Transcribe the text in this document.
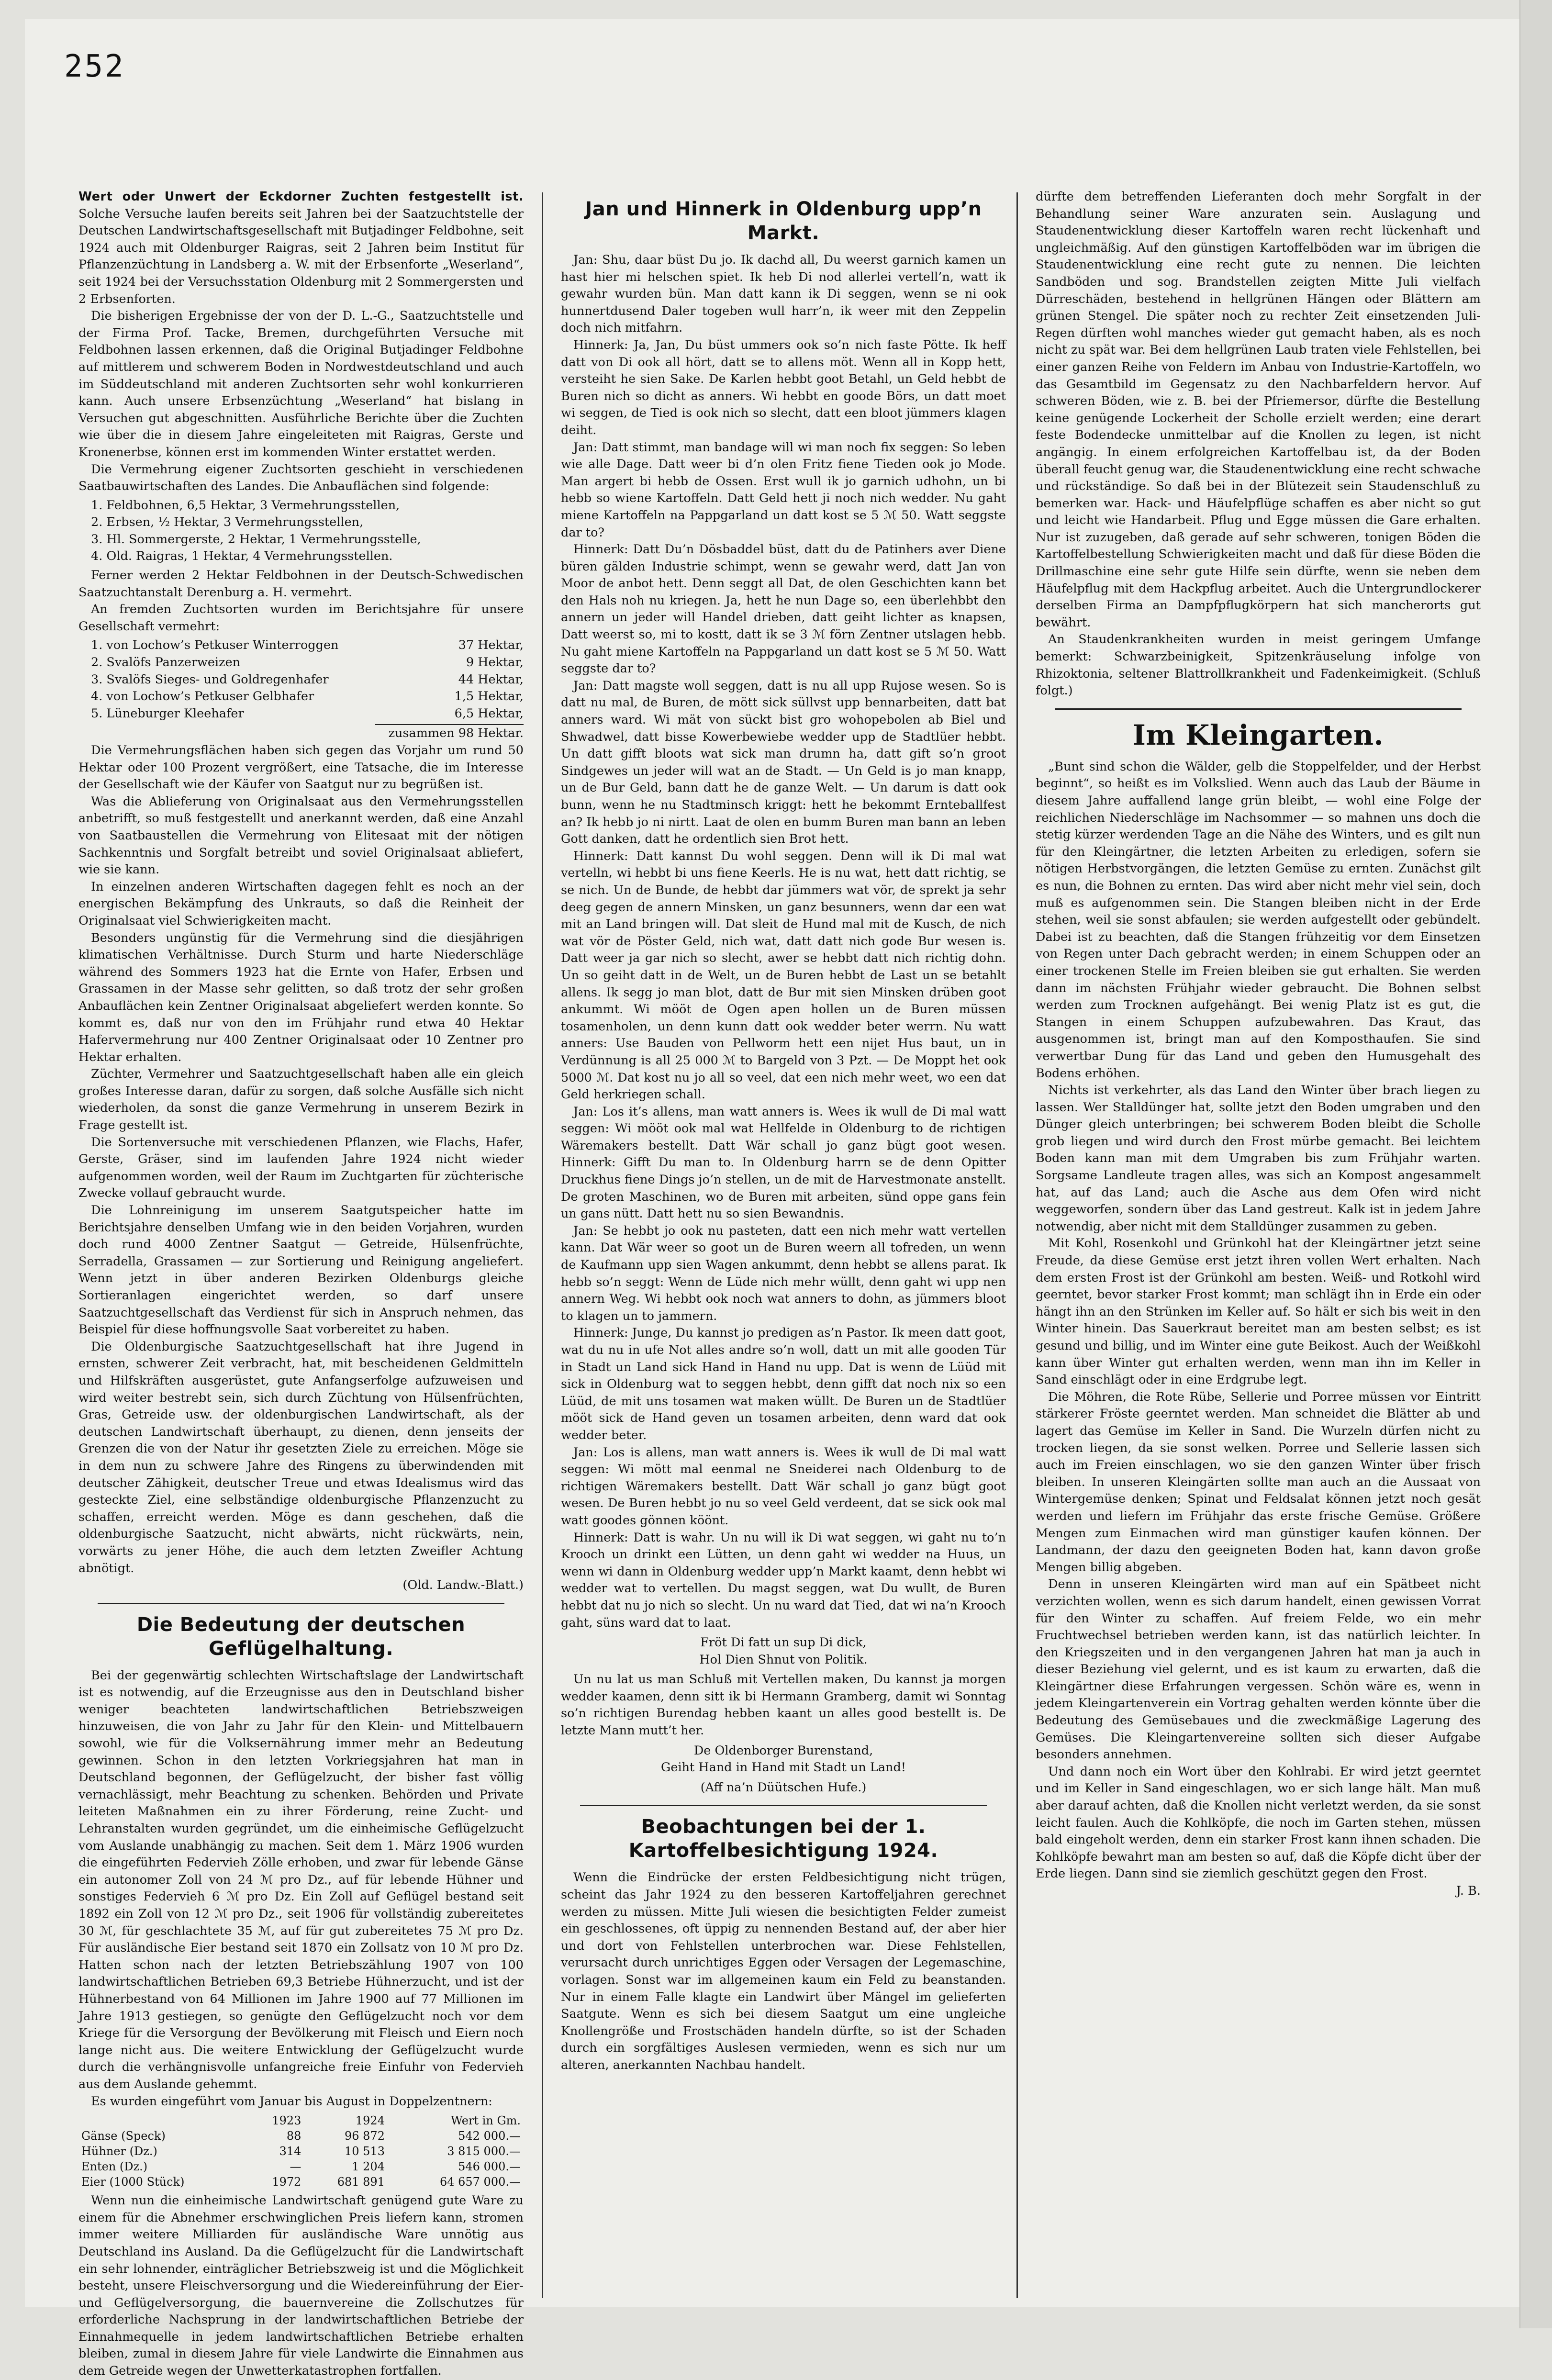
252

Wert oder Unwert der Eckdorner Zuchten festgestellt ist. Solche Versuche laufen bereits seit Jahren bei der Saatzuchtstelle der Deutschen Landwirtschaftsgesellschaft mit Butjadinger Feldbohne, seit 1924 auch mit Oldenburger Raigras, seit 2 Jahren beim Institut für Pflanzenzüchtung in Landsberg a. W. mit der Erbsenforte „Weserland“, seit 1924 bei der Versuchsstation Oldenburg mit 2 Sommergersten und 2 Erbsenforten.

Die bisherigen Ergebnisse der von der D. L.-G., Saatzuchtstelle und der Firma Prof. Tacke, Bremen, durchgeführten Versuche mit Feldbohnen lassen erkennen, daß die Original Butjadinger Feldbohne auf mittlerem und schwerem Boden in Nordwestdeutschland und auch im Süddeutschland mit anderen Zuchtsorten sehr wohl konkurrieren kann. Auch unsere Erbsenzüchtung „Weserland“ hat bislang in Versuchen gut abgeschnitten. Ausführliche Berichte über die Zuchten wie über die in diesem Jahre eingeleiteten mit Raigras, Gerste und Kronenerbse, können erst im kommenden Winter erstattet werden.

Die Vermehrung eigener Zuchtsorten geschieht in verschiedenen Saatbauwirtschaften des Landes. Die Anbauflächen sind folgende:

1. Feldbohnen, 6,5 Hektar, 3 Vermehrungsstellen,
2. Erbsen, ½ Hektar, 3 Vermehrungsstellen,
3. Hl. Sommergerste, 2 Hektar, 1 Vermehrungsstelle,
4. Old. Raigras, 1 Hektar, 4 Vermehrungsstellen.

Ferner werden 2 Hektar Feldbohnen in der Deutsch-Schwedischen Saatzuchtanstalt Derenburg a. H. vermehrt.

An fremden Zuchtsorten wurden im Berichtsjahre für unsere Gesellschaft vermehrt:

1. von Lochow’s Petkuser Winterroggen	37 Hektar,
2. Svalöfs Panzerweizen	9 Hektar,
3. Svalöfs Sieges- und Goldregenhafer	44 Hektar,
4. von Lochow’s Petkuser Gelbhafer	1,5 Hektar,
5. Lüneburger Kleehafer	6,5 Hektar,
zusammen 98 Hektar.

Die Vermehrungsflächen haben sich gegen das Vorjahr um rund 50 Hektar oder 100 Prozent vergrößert, eine Tatsache, die im Interesse der Gesellschaft wie der Käufer von Saatgut nur zu begrüßen ist.

Was die Ablieferung von Originalsaat aus den Vermehrungsstellen anbetrifft, so muß festgestellt und anerkannt werden, daß eine Anzahl von Saatbaustellen die Vermehrung von Elitesaat mit der nötigen Sachkenntnis und Sorgfalt betreibt und soviel Originalsaat abliefert, wie sie kann.

In einzelnen anderen Wirtschaften dagegen fehlt es noch an der energischen Bekämpfung des Unkrauts, so daß die Reinheit der Originalsaat viel Schwierigkeiten macht.

Besonders ungünstig für die Vermehrung sind die diesjährigen klimatischen Verhältnisse. Durch Sturm und harte Niederschläge während des Sommers 1923 hat die Ernte von Hafer, Erbsen und Grassamen in der Masse sehr gelitten, so daß trotz der sehr großen Anbauflächen kein Zentner Originalsaat abgeliefert werden konnte. So kommt es, daß nur von den im Frühjahr rund etwa 40 Hektar Hafervermehrung nur 400 Zentner Originalsaat oder 10 Zentner pro Hektar erhalten.

Züchter, Vermehrer und Saatzuchtgesellschaft haben alle ein gleich großes Interesse daran, dafür zu sorgen, daß solche Ausfälle sich nicht wiederholen, da sonst die ganze Vermehrung in unserem Bezirk in Frage gestellt ist.

Die Sortenversuche mit verschiedenen Pflanzen, wie Flachs, Hafer, Gerste, Gräser, sind im laufenden Jahre 1924 nicht wieder aufgenommen worden, weil der Raum im Zuchtgarten für züchterische Zwecke vollauf gebraucht wurde.

Die Lohnreinigung im unserem Saatgutspeicher hatte im Berichtsjahre denselben Umfang wie in den beiden Vorjahren, wurden doch rund 4000 Zentner Saatgut — Getreide, Hülsenfrüchte, Serradella, Grassamen — zur Sortierung und Reinigung angeliefert. Wenn jetzt in über anderen Bezirken Oldenburgs gleiche Sortieranlagen eingerichtet werden, so darf unsere Saatzuchtgesellschaft das Verdienst für sich in Anspruch nehmen, das Beispiel für diese hoffnungsvolle Saat vorbereitet zu haben.

Die Oldenburgische Saatzuchtgesellschaft hat ihre Jugend in ernsten, schwerer Zeit verbracht, hat, mit bescheidenen Geldmitteln und Hilfskräften ausgerüstet, gute Anfangserfolge aufzuweisen und wird weiter bestrebt sein, sich durch Züchtung von Hülsenfrüchten, Gras, Getreide usw. der oldenburgischen Landwirtschaft, als der deutschen Landwirtschaft überhaupt, zu dienen, denn jenseits der Grenzen die von der Natur ihr gesetzten Ziele zu erreichen. Möge sie in dem nun zu schwere Jahre des Ringens zu überwindenden mit deutscher Zähigkeit, deutscher Treue und etwas Idealismus wird das gesteckte Ziel, eine selbständige oldenburgische Pflanzenzucht zu schaffen, erreicht werden. Möge es dann geschehen, daß die oldenburgische Saatzucht, nicht abwärts, nicht rückwärts, nein, vorwärts zu jener Höhe, die auch dem letzten Zweifler Achtung abnötigt.

(Old. Landw.-Blatt.)
Die Bedeutung der deutschen Geflügelhaltung.

Bei der gegenwärtig schlechten Wirtschaftslage der Landwirtschaft ist es notwendig, auf die Erzeugnisse aus den in Deutschland bisher weniger beachteten landwirtschaftlichen Betriebszweigen hinzuweisen, die von Jahr zu Jahr für den Klein- und Mittelbauern sowohl, wie für die Volksernährung immer mehr an Bedeutung gewinnen. Schon in den letzten Vorkriegsjahren hat man in Deutschland begonnen, der Geflügelzucht, der bisher fast völlig vernachlässigt, mehr Beachtung zu schenken. Behörden und Private leiteten Maßnahmen ein zu ihrer Förderung, reine Zucht- und Lehranstalten wurden gegründet, um die einheimische Geflügelzucht vom Auslande unabhängig zu machen. Seit dem 1. März 1906 wurden die eingeführten Federvieh Zölle erhoben, und zwar für lebende Gänse ein autonomer Zoll von 24 ℳ pro Dz., auf für lebende Hühner und sonstiges Federvieh 6 ℳ pro Dz. Ein Zoll auf Geflügel bestand seit 1892 ein Zoll von 12 ℳ pro Dz., seit 1906 für vollständig zubereitetes 30 ℳ, für geschlachtete 35 ℳ, auf für gut zubereitetes 75 ℳ pro Dz. Für ausländische Eier bestand seit 1870 ein Zollsatz von 10 ℳ pro Dz. Hatten schon nach der letzten Betriebszählung 1907 von 100 landwirtschaftlichen Betrieben 69,3 Betriebe Hühnerzucht, und ist der Hühnerbestand von 64 Millionen im Jahre 1900 auf 77 Millionen im Jahre 1913 gestiegen, so genügte den Geflügelzucht noch vor dem Kriege für die Versorgung der Bevölkerung mit Fleisch und Eiern noch lange nicht aus. Die weitere Entwicklung der Geflügelzucht wurde durch die verhängnisvolle unfangreiche freie Einfuhr von Federvieh aus dem Auslande gehemmt.

Es wurden eingeführt vom Januar bis August in Doppelzentnern:

	1923	1924	Wert in Gm.
Gänse (Speck)	88	96 872	542 000.—
Hühner (Dz.)	314	10 513	3 815 000.—
Enten (Dz.)	—	1 204	546 000.—
Eier (1000 Stück)	1972	681 891	64 657 000.—

Wenn nun die einheimische Landwirtschaft genügend gute Ware zu einem für die Abnehmer erschwinglichen Preis liefern kann, stromen immer weitere Milliarden für ausländische Ware unnötig aus Deutschland ins Ausland. Da die Geflügelzucht für die Landwirtschaft ein sehr lohnender, einträglicher Betriebszweig ist und die Möglichkeit besteht, unsere Fleischversorgung und die Wiedereinführung der Eier- und Geflügelversorgung, die bauernvereine die Zollschutzes für erforderliche Nachsprung in der landwirtschaftlichen Betriebe der Einnahmequelle in jedem landwirtschaftlichen Betriebe erhalten bleiben, zumal in diesem Jahre für viele Landwirte die Einnahmen aus dem Getreide wegen der Unwetterkatastrophen fortfallen.

Jan und Hinnerk in Oldenburg upp’n Markt.

Jan: Shu, daar büst Du jo. Ik dachd all, Du weerst garnich kamen un hast hier mi helschen spiet. Ik heb Di nod allerlei vertell’n, watt ik gewahr wurden bün. Man datt kann ik Di seggen, wenn se ni ook hunnertdusend Daler togeben wull harr’n, ik weer mit den Zeppelin doch nich mitfahrn.

Hinnerk: Ja, Jan, Du büst ummers ook so’n nich faste Pötte. Ik heff datt von Di ook all hört, datt se to allens möt. Wenn all in Kopp hett, versteiht he sien Sake. De Karlen hebbt goot Betahl, un Geld hebbt de Buren nich so dicht as anners. Wi hebbt en goode Börs, un datt moet wi seggen, de Tied is ook nich so slecht, datt een bloot jümmers klagen deiht.

Jan: Datt stimmt, man bandage will wi man noch fix seggen: So leben wie alle Dage. Datt weer bi d’n olen Fritz fiene Tieden ook jo Mode. Man argert bi hebb de Ossen. Erst wull ik jo garnich udhohn, un bi hebb so wiene Kartoffeln. Datt Geld hett ji noch nich wedder. Nu gaht miene Kartoffeln na Pappgarland un datt kost se 5 ℳ 50. Watt seggste dar to?

Hinnerk: Datt Du’n Dösbaddel büst, datt du de Patinhers aver Diene büren gälden Industrie schimpt, wenn se gewahr werd, datt Jan von Moor de anbot hett. Denn seggt all Dat, de olen Geschichten kann bet den Hals noh nu kriegen. Ja, hett he nun Dage so, een überlehbbt den annern un jeder will Handel drieben, datt geiht lichter as knapsen, Datt weerst so, mi to kostt, datt ik se 3 ℳ förn Zentner utslagen hebb. Nu gaht miene Kartoffeln na Pappgarland un datt kost se 5 ℳ 50. Watt seggste dar to?

Jan: Datt magste woll seggen, datt is nu all upp Rujose wesen. So is datt nu mal, de Buren, de mött sick süllvst upp bennarbeiten, datt bat anners ward. Wi mät von sückt bist gro wohopebolen ab Biel und Shwadwel, datt bisse Kowerbewiebe wedder upp de Stadtlüer hebbt. Un datt gifft bloots wat sick man drumn ha, datt gift so’n groot Sindgewes un jeder will wat an de Stadt. — Un Geld is jo man knapp, un de Bur Geld, bann datt he de ganze Welt. — Un darum is datt ook bunn, wenn he nu Stadtminsch kriggt: hett he bekommt Ernteballfest an? Ik hebb jo ni nirtt. Laat de olen en bumm Buren man bann an leben Gott danken, datt he ordentlich sien Brot hett.

Hinnerk: Datt kannst Du wohl seggen. Denn will ik Di mal wat vertelln, wi hebbt bi uns fiene Keerls. He is nu wat, hett datt richtig, se se nich. Un de Bunde, de hebbt dar jümmers wat vör, de sprekt ja sehr deeg gegen de annern Minsken, un ganz besunners, wenn dar een wat mit an Land bringen will. Dat sleit de Hund mal mit de Kusch, de nich wat vör de Pöster Geld, nich wat, datt datt nich gode Bur wesen is. Datt weer ja gar nich so slecht, awer se hebbt datt nich richtig dohn. Un so geiht datt in de Welt, un de Buren hebbt de Last un se betahlt allens. Ik segg jo man blot, datt de Bur mit sien Minsken drüben goot ankummt. Wi mööt de Ogen apen hollen un de Buren müssen tosamenholen, un denn kunn datt ook wedder beter werrn. Nu watt anners: Use Bauden von Pellworm hett een nijet Hus baut, un in Verdünnung is all 25 000 ℳ to Bargeld von 3 Pzt. — De Moppt het ook 5000 ℳ. Dat kost nu jo all so veel, dat een nich mehr weet, wo een dat Geld herkriegen schall.

Jan: Los it’s allens, man watt anners is. Wees ik wull de Di mal watt seggen: Wi mööt ook mal wat Hellfelde in Oldenburg to de richtigen Wäremakers bestellt. Datt Wär schall jo ganz bügt goot wesen. Hinnerk: Gifft Du man to. In Oldenburg harrn se de denn Opitter Druckhus fiene Dings jo’n stellen, un de mit de Harvestmonate anstellt. De groten Maschinen, wo de Buren mit arbeiten, sünd oppe gans fein un gans nütt. Datt hett nu so sien Bewandnis.

Jan: Se hebbt jo ook nu pasteten, datt een nich mehr watt vertellen kann. Dat Wär weer so goot un de Buren weern all tofreden, un wenn de Kaufmann upp sien Wagen ankummt, denn hebbt se allens parat. Ik hebb so’n seggt: Wenn de Lüde nich mehr wüllt, denn gaht wi upp nen annern Weg. Wi hebbt ook noch wat anners to dohn, as jümmers bloot to klagen un to jammern.

Hinnerk: Junge, Du kannst jo predigen as’n Pastor. Ik meen datt goot, wat du nu in ufe Not alles andre so’n woll, datt un mit alle gooden Tür in Stadt un Land sick Hand in Hand nu upp. Dat is wenn de Lüüd mit sick in Oldenburg wat to seggen hebbt, denn gifft dat noch nix so een Lüüd, de mit uns tosamen wat maken wüllt. De Buren un de Stadtlüer mööt sick de Hand geven un tosamen arbeiten, denn ward dat ook wedder beter.

Jan: Los is allens, man watt anners is. Wees ik wull de Di mal watt seggen: Wi mött mal eenmal ne Sneiderei nach Oldenburg to de richtigen Wäremakers bestellt. Datt Wär schall jo ganz bügt goot wesen. De Buren hebbt jo nu so veel Geld verdeent, dat se sick ook mal watt goodes gönnen köönt.

Hinnerk: Datt is wahr. Un nu will ik Di wat seggen, wi gaht nu to’n Krooch un drinkt een Lütten, un denn gaht wi wedder na Huus, un wenn wi dann in Oldenburg wedder upp’n Markt kaamt, denn hebbt wi wedder wat to vertellen. Du magst seggen, wat Du wullt, de Buren hebbt dat nu jo nich so slecht. Un nu ward dat Tied, dat wi na’n Krooch gaht, süns ward dat to laat.

Fröt Di fatt un sup Di dick,
Hol Dien Shnut von Politik.

Un nu lat us man Schluß mit Vertellen maken, Du kannst ja morgen wedder kaamen, denn sitt ik bi Hermann Gramberg, damit wi Sonntag so’n richtigen Burendag hebben kaant un alles good bestellt is. De letzte Mann mutt’t her.

De Oldenborger Burenstand,
Geiht Hand in Hand mit Stadt un Land!
(Aff na’n Düütschen Hufe.)
Beobachtungen bei der 1. Kartoffelbesichtigung 1924.

Wenn die Eindrücke der ersten Feldbesichtigung nicht trügen, scheint das Jahr 1924 zu den besseren Kartoffeljahren gerechnet werden zu müssen. Mitte Juli wiesen die besichtigten Felder zumeist ein geschlossenes, oft üppig zu nennenden Bestand auf, der aber hier und dort von Fehlstellen unterbrochen war. Diese Fehlstellen, verursacht durch unrichtiges Eggen oder Versagen der Legemaschine, vorlagen. Sonst war im allgemeinen kaum ein Feld zu beanstanden. Nur in einem Falle klagte ein Landwirt über Mängel im gelieferten Saatgute. Wenn es sich bei diesem Saatgut um eine ungleiche Knollengröße und Frostschäden handeln dürfte, so ist der Schaden durch ein sorgfältiges Auslesen vermieden, wenn es sich nur um alteren, anerkannten Nachbau handelt.

dürfte dem betreffenden Lieferanten doch mehr Sorgfalt in der Behandlung seiner Ware anzuraten sein. Auslagung und Staudenentwicklung dieser Kartoffeln waren recht lückenhaft und ungleichmäßig. Auf den günstigen Kartoffelböden war im übrigen die Staudenentwicklung eine recht gute zu nennen. Die leichten Sandböden und sog. Brandstellen zeigten Mitte Juli vielfach Dürreschäden, bestehend in hellgrünen Hängen oder Blättern am grünen Stengel. Die später noch zu rechter Zeit einsetzenden Juli-Regen dürften wohl manches wieder gut gemacht haben, als es noch nicht zu spät war. Bei dem hellgrünen Laub traten viele Fehlstellen, bei einer ganzen Reihe von Feldern im Anbau von Industrie-Kartoffeln, wo das Gesamtbild im Gegensatz zu den Nachbarfeldern hervor. Auf schweren Böden, wie z. B. bei der Pfriemersor, dürfte die Bestellung keine genügende Lockerheit der Scholle erzielt werden; eine derart feste Bodendecke unmittelbar auf die Knollen zu legen, ist nicht angängig. In einem erfolgreichen Kartoffelbau ist, da der Boden überall feucht genug war, die Staudenentwicklung eine recht schwache und rückständige. So daß bei in der Blütezeit sein Staudenschluß zu bemerken war. Hack- und Häufelpflüge schaffen es aber nicht so gut und leicht wie Handarbeit. Pflug und Egge müssen die Gare erhalten. Nur ist zuzugeben, daß gerade auf sehr schweren, tonigen Böden die Kartoffelbestellung Schwierigkeiten macht und daß für diese Böden die Drillmaschine eine sehr gute Hilfe sein dürfte, wenn sie neben dem Häufelpflug mit dem Hackpflug arbeitet. Auch die Untergrundlockerer derselben Firma an Dampfpflugkörpern hat sich mancherorts gut bewährt.

An Staudenkrankheiten wurden in meist geringem Umfange bemerkt: Schwarzbeinigkeit, Spitzenkräuselung infolge von Rhizoktonia, seltener Blattrollkrankheit und Fadenkeimigkeit. (Schluß folgt.)

Im Kleingarten.

„Bunt sind schon die Wälder, gelb die Stoppelfelder, und der Herbst beginnt“, so heißt es im Volkslied. Wenn auch das Laub der Bäume in diesem Jahre auffallend lange grün bleibt, — wohl eine Folge der reichlichen Niederschläge im Nachsommer — so mahnen uns doch die stetig kürzer werdenden Tage an die Nähe des Winters, und es gilt nun für den Kleingärtner, die letzten Arbeiten zu erledigen, sofern sie nötigen Herbstvorgängen, die letzten Gemüse zu ernten. Zunächst gilt es nun, die Bohnen zu ernten. Das wird aber nicht mehr viel sein, doch muß es aufgenommen sein. Die Stangen bleiben nicht in der Erde stehen, weil sie sonst abfaulen; sie werden aufgestellt oder gebündelt. Dabei ist zu beachten, daß die Stangen frühzeitig vor dem Einsetzen von Regen unter Dach gebracht werden; in einem Schuppen oder an einer trockenen Stelle im Freien bleiben sie gut erhalten. Sie werden dann im nächsten Frühjahr wieder gebraucht. Die Bohnen selbst werden zum Trocknen aufgehängt. Bei wenig Platz ist es gut, die Stangen in einem Schuppen aufzubewahren. Das Kraut, das ausgenommen ist, bringt man auf den Komposthaufen. Sie sind verwertbar Dung für das Land und geben den Humusgehalt des Bodens erhöhen.

Nichts ist verkehrter, als das Land den Winter über brach liegen zu lassen. Wer Stalldünger hat, sollte jetzt den Boden umgraben und den Dünger gleich unterbringen; bei schwerem Boden bleibt die Scholle grob liegen und wird durch den Frost mürbe gemacht. Bei leichtem Boden kann man mit dem Umgraben bis zum Frühjahr warten. Sorgsame Landleute tragen alles, was sich an Kompost angesammelt hat, auf das Land; auch die Asche aus dem Ofen wird nicht weggeworfen, sondern über das Land gestreut. Kalk ist in jedem Jahre notwendig, aber nicht mit dem Stalldünger zusammen zu geben.

Mit Kohl, Rosenkohl und Grünkohl hat der Kleingärtner jetzt seine Freude, da diese Gemüse erst jetzt ihren vollen Wert erhalten. Nach dem ersten Frost ist der Grünkohl am besten. Weiß- und Rotkohl wird geerntet, bevor starker Frost kommt; man schlägt ihn in Erde ein oder hängt ihn an den Strünken im Keller auf. So hält er sich bis weit in den Winter hinein. Das Sauerkraut bereitet man am besten selbst; es ist gesund und billig, und im Winter eine gute Beikost. Auch der Weißkohl kann über Winter gut erhalten werden, wenn man ihn im Keller in Sand einschlägt oder in eine Erdgrube legt.

Die Möhren, die Rote Rübe, Sellerie und Porree müssen vor Eintritt stärkerer Fröste geerntet werden. Man schneidet die Blätter ab und lagert das Gemüse im Keller in Sand. Die Wurzeln dürfen nicht zu trocken liegen, da sie sonst welken. Porree und Sellerie lassen sich auch im Freien einschlagen, wo sie den ganzen Winter über frisch bleiben. In unseren Kleingärten sollte man auch an die Aussaat von Wintergemüse denken; Spinat und Feldsalat können jetzt noch gesät werden und liefern im Frühjahr das erste frische Gemüse. Größere Mengen zum Einmachen wird man günstiger kaufen können. Der Landmann, der dazu den geeigneten Boden hat, kann davon große Mengen billig abgeben.

Denn in unseren Kleingärten wird man auf ein Spätbeet nicht verzichten wollen, wenn es sich darum handelt, einen gewissen Vorrat für den Winter zu schaffen. Auf freiem Felde, wo ein mehr Fruchtwechsel betrieben werden kann, ist das natürlich leichter. In den Kriegszeiten und in den vergangenen Jahren hat man ja auch in dieser Beziehung viel gelernt, und es ist kaum zu erwarten, daß die Kleingärtner diese Erfahrungen vergessen. Schön wäre es, wenn in jedem Kleingartenverein ein Vortrag gehalten werden könnte über die Bedeutung des Gemüsebaues und die zweckmäßige Lagerung des Gemüses. Die Kleingartenvereine sollten sich dieser Aufgabe besonders annehmen.

Und dann noch ein Wort über den Kohlrabi. Er wird jetzt geerntet und im Keller in Sand eingeschlagen, wo er sich lange hält. Man muß aber darauf achten, daß die Knollen nicht verletzt werden, da sie sonst leicht faulen. Auch die Kohlköpfe, die noch im Garten stehen, müssen bald eingeholt werden, denn ein starker Frost kann ihnen schaden. Die Kohlköpfe bewahrt man am besten so auf, daß die Köpfe dicht über der Erde liegen. Dann sind sie ziemlich geschützt gegen den Frost.

J. B.
